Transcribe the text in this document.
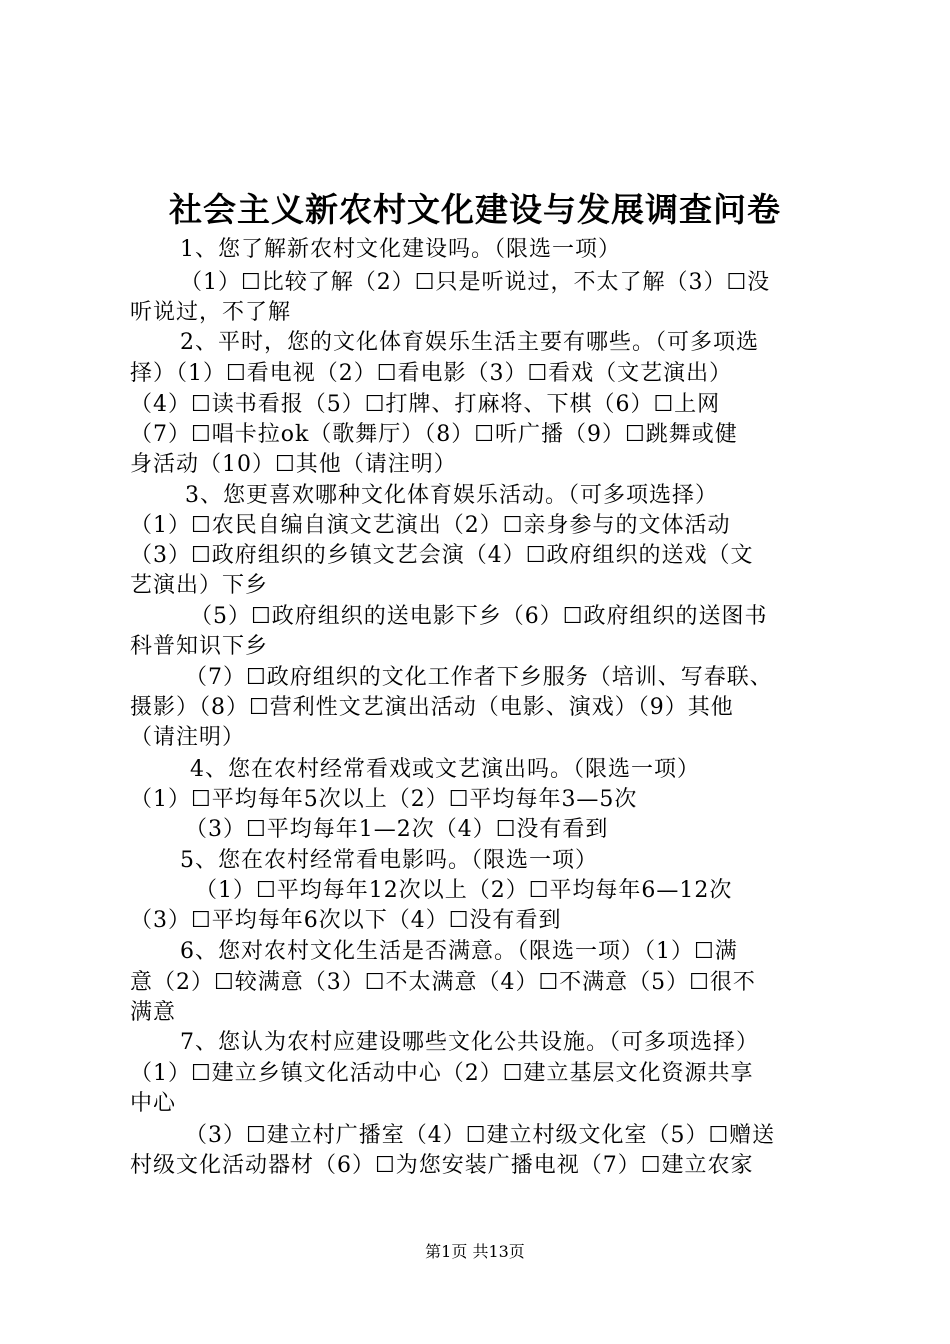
社会主义新农村文化建设与发展调查问卷
1、您了解新农村文化建设吗。（限选一项）
（1）☐比较了解（2）☐只是听说过，不太了解（3）☐没
听说过，不了解
2、平时，您的文化体育娱乐生活主要有哪些。（可多项选
择）（1）☐看电视（2）☐看电影（3）☐看戏（文艺演出）
（4）☐读书看报（5）☐打牌、打麻将、下棋（6）☐上网
（7）☐唱卡拉ok（歌舞厅）（8）☐听广播（9）☐跳舞或健
身活动（10）☐其他（请注明）
3、您更喜欢哪种文化体育娱乐活动。（可多项选择）
（1）☐农民自编自演文艺演出（2）☐亲身参与的文体活动
（3）☐政府组织的乡镇文艺会演（4）☐政府组织的送戏（文
艺演出）下乡
（5）☐政府组织的送电影下乡（6）☐政府组织的送图书
科普知识下乡
（7）☐政府组织的文化工作者下乡服务（培训、写春联、
摄影）（8）☐营利性文艺演出活动（电影、演戏）（9）其他
（请注明）
4、您在农村经常看戏或文艺演出吗。（限选一项）
（1）☐平均每年5次以上（2）☐平均每年3—5次
（3）☐平均每年1—2次（4）☐没有看到
5、您在农村经常看电影吗。（限选一项）
（1）☐平均每年12次以上（2）☐平均每年6—12次
（3）☐平均每年6次以下（4）☐没有看到
6、您对农村文化生活是否满意。（限选一项）（1）☐满
意（2）☐较满意（3）☐不太满意（4）☐不满意（5）☐很不
满意
7、您认为农村应建设哪些文化公共设施。（可多项选择）
（1）☐建立乡镇文化活动中心（2）☐建立基层文化资源共享
中心
（3）☐建立村广播室（4）☐建立村级文化室（5）☐赠送
村级文化活动器材（6）☐为您安装广播电视（7）☐建立农家
第1页 共13页
